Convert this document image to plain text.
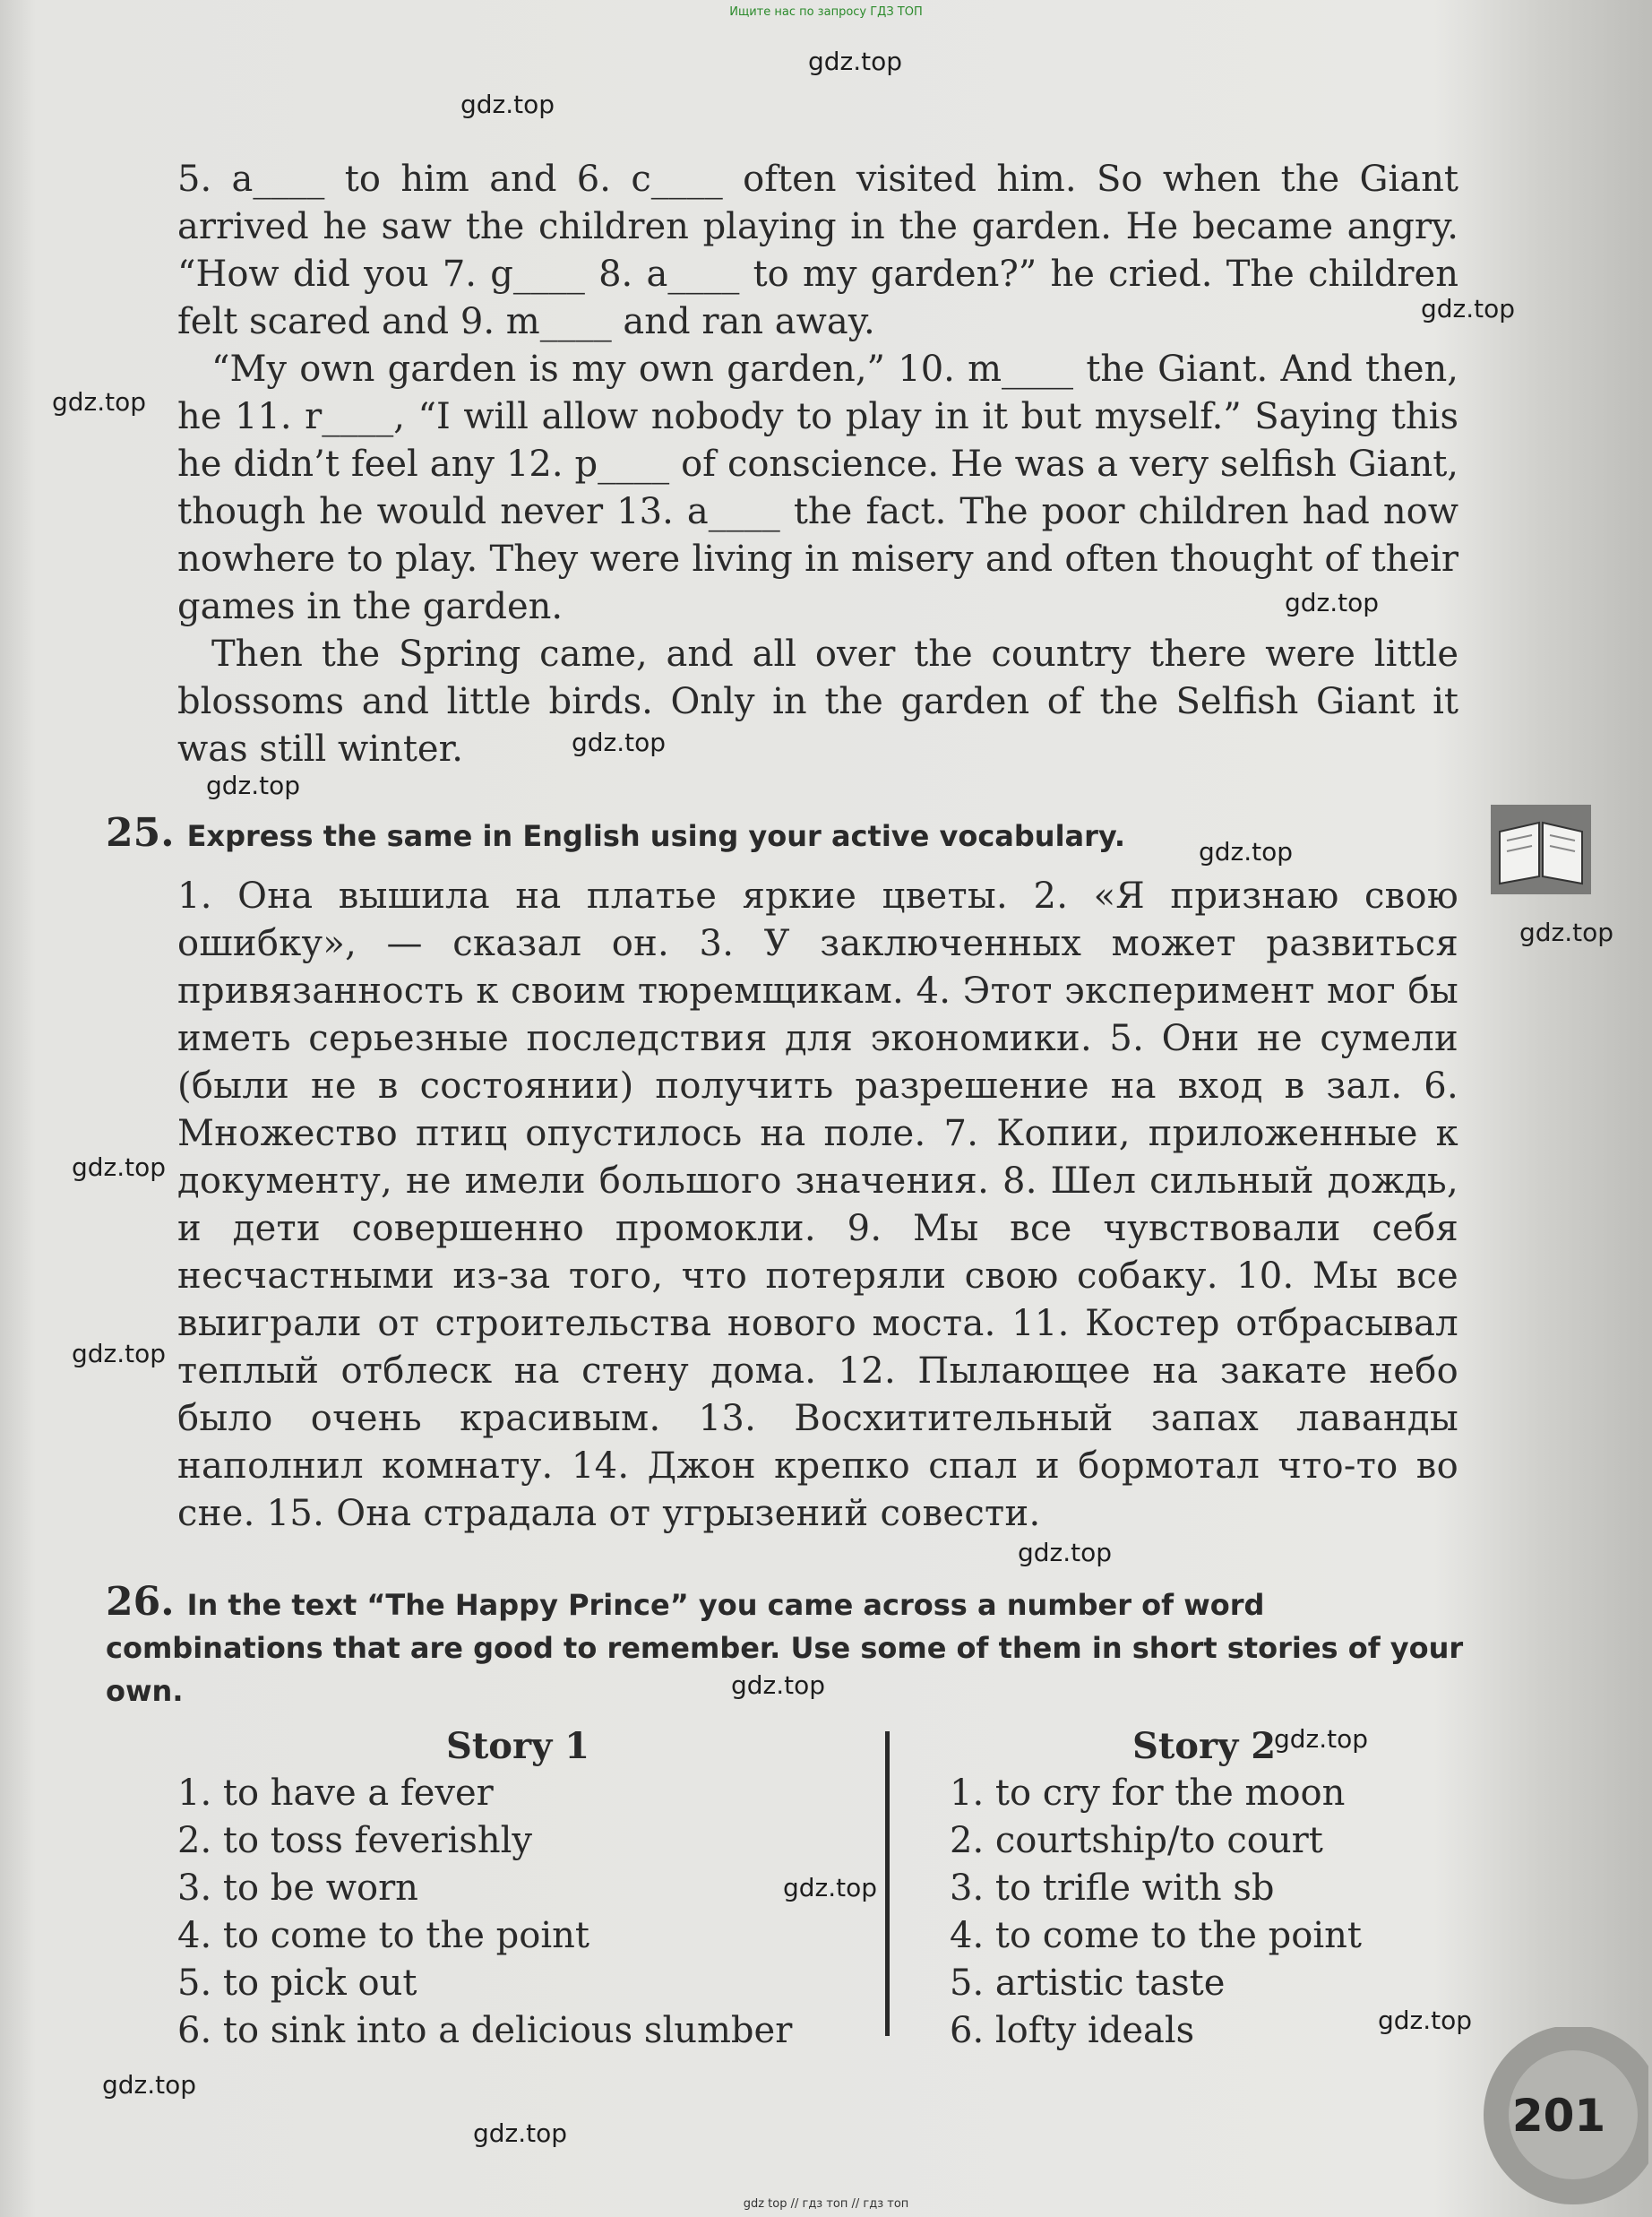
Ищите нас по запросу ГДЗ ТОП
gdz.top
gdz.top
gdz.top
gdz.top
gdz.top
gdz.top
gdz.top
gdz.top
gdz.top
gdz.top
gdz.top
gdz.top
gdz.top
gdz.top
gdz.top
gdz.top
gdz.top
gdz.top

5. a____ to him and 6. c____ often visited him. So when the Giant arrived he saw the children playing in the garden. He became angry. “How did you 7. g____ 8. a____ to my garden?” he cried. The children felt scared and 9. m____ and ran away.

“My own garden is my own garden,” 10. m____ the Giant. And then, he 11. r____, “I will allow nobody to play in it but myself.” Saying this he didn’t feel any 12. p____ of conscience. He was a very selfish Giant, though he would never 13. a____ the fact. The poor children had now nowhere to play. They were living in misery and often thought of their games in the garden.

Then the Spring came, and all over the country there were little blossoms and little birds. Only in the garden of the Selfish Giant it was still winter.

25. Express the same in English using your active vocabulary.
1. Она вышила на платье яркие цветы. 2. «Я признаю свою ошибку», — сказал он. 3. У заключенных может развиться привязанность к своим тюремщикам. 4. Этот эксперимент мог бы иметь серьезные последствия для экономики. 5. Они не сумели (были не в состоянии) получить разрешение на вход в зал. 6. Множество птиц опустилось на поле. 7. Копии, приложенные к документу, не имели большого значения. 8. Шел сильный дождь, и дети совершенно промокли. 9. Мы все чувствовали себя несчастными из-за того, что потеряли свою собаку. 10. Мы все выиграли от строительства нового моста. 11. Костер отбрасывал теплый отблеск на стену дома. 12. Пылающее на закате небо было очень красивым. 13. Восхитительный запах лаванды наполнил комнату. 14. Джон крепко спал и бормотал что-то во сне. 15. Она страдала от угрызений совести.
26. In the text “The Happy Prince” you came across a number of word combinations that are good to remember. Use some of them in short stories of your own.
Story 1
1. to have a fever
2. to toss feverishly
3. to be worn
4. to come to the point
5. to pick out
6. to sink into a delicious slumber
Story 2
1. to cry for the moon
2. courtship/to court
3. to trifle with sb
4. to come to the point
5. artistic taste
6. lofty ideals
201
gdz top // гдз топ // гдз топ
